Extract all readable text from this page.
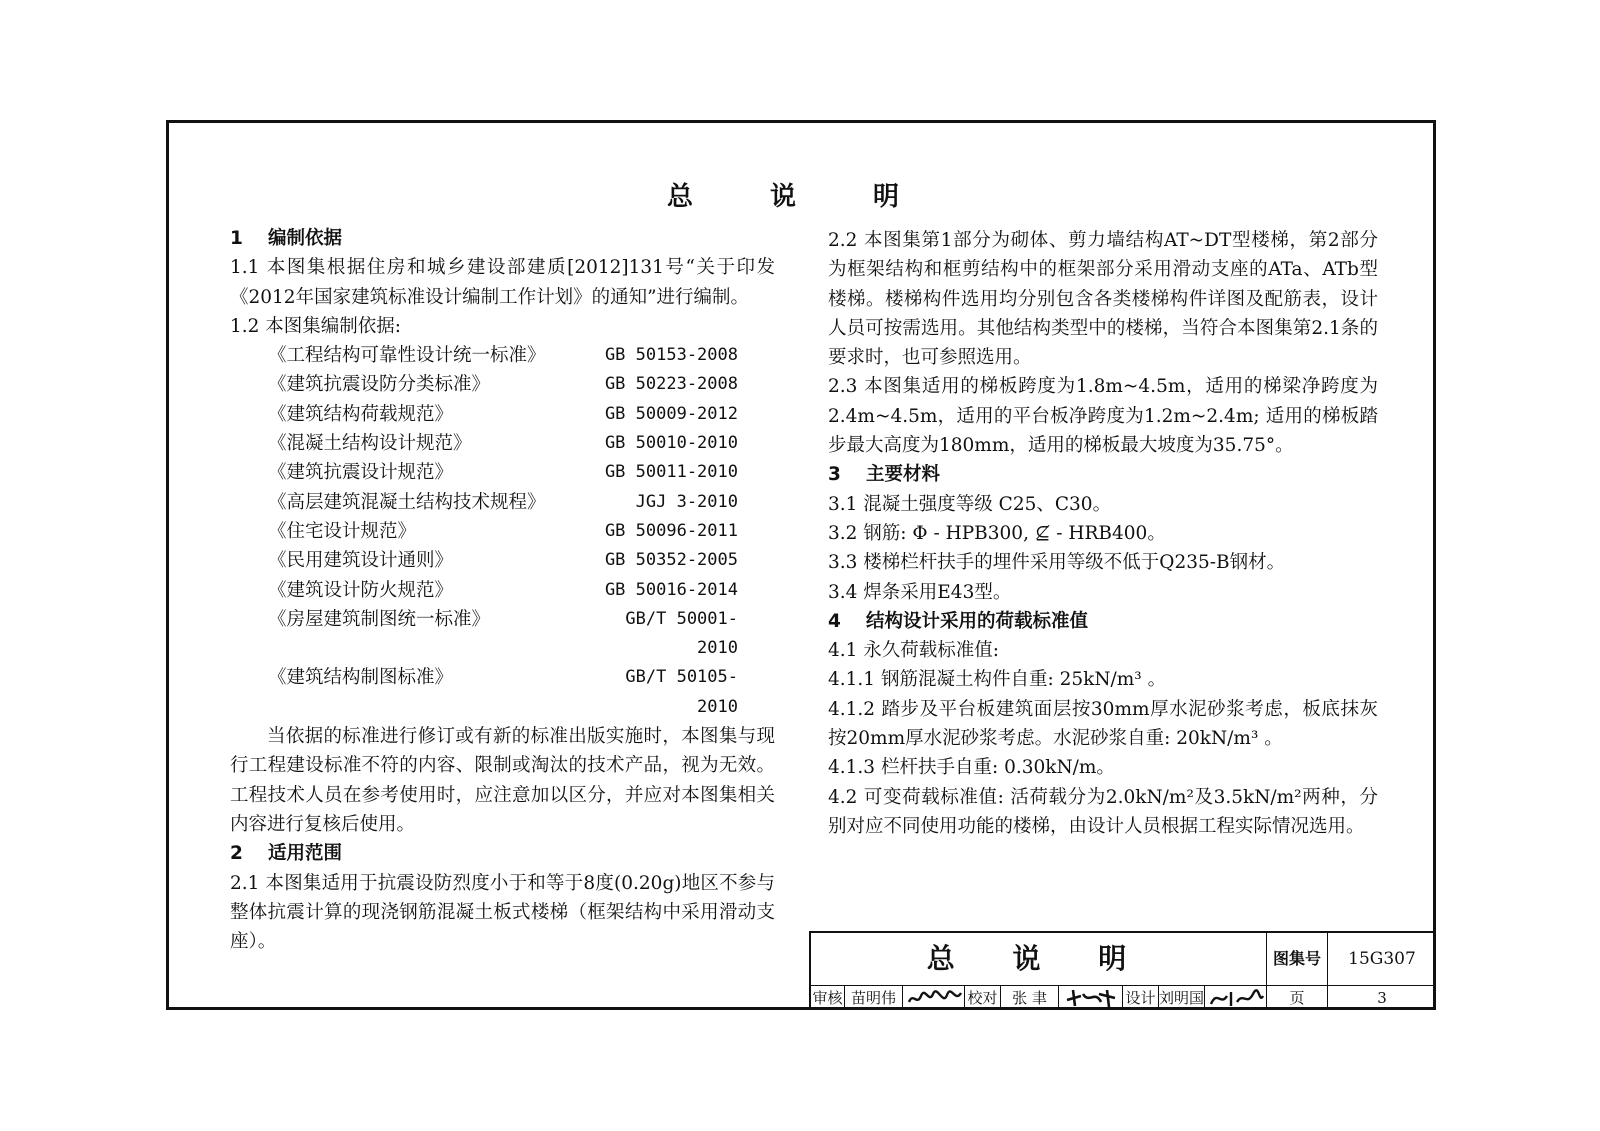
总 说 明

1 编制依据

1.1 本图集根据住房和城乡建设部建质[2012]131号“关于印发《2012年国家建筑标准设计编制工作计划》的通知”进行编制。

1.2 本图集编制依据:

《工程结构可靠性设计统一标准》	GB 50153-2008
《建筑抗震设防分类标准》	GB 50223-2008
《建筑结构荷载规范》	GB 50009-2012
《混凝土结构设计规范》	GB 50010-2010
《建筑抗震设计规范》	GB 50011-2010
《高层建筑混凝土结构技术规程》	JGJ 3-2010
《住宅设计规范》	GB 50096-2011
《民用建筑设计通则》	GB 50352-2005
《建筑设计防火规范》	GB 50016-2014
《房屋建筑制图统一标准》	GB/T 50001-2010
《建筑结构制图标准》	GB/T 50105-2010

当依据的标准进行修订或有新的标准出版实施时，本图集与现行工程建设标准不符的内容、限制或淘汰的技术产品，视为无效。工程技术人员在参考使用时，应注意加以区分，并应对本图集相关内容进行复核后使用。

2 适用范围

2.1 本图集适用于抗震设防烈度小于和等于8度(0.20g)地区不参与整体抗震计算的现浇钢筋混凝土板式楼梯（框架结构中采用滑动支座）。

2.2 本图集第1部分为砌体、剪力墙结构AT~DT型楼梯，第2部分为框架结构和框剪结构中的框架部分采用滑动支座的ATa、ATb型楼梯。楼梯构件选用均分别包含各类楼梯构件详图及配筋表，设计人员可按需选用。其他结构类型中的楼梯，当符合本图集第2.1条的要求时，也可参照选用。

2.3 本图集适用的梯板跨度为1.8m~4.5m，适用的梯梁净跨度为2.4m~4.5m，适用的平台板净跨度为1.2m~2.4m; 适用的梯板踏步最大高度为180mm，适用的梯板最大坡度为35.75°。

3 主要材料

3.1 混凝土强度等级 C25、C30。

3.2 钢筋: Φ - HPB300, ⊈ - HRB400。

3.3 楼梯栏杆扶手的埋件采用等级不低于Q235-B钢材。

3.4 焊条采用E43型。

4 结构设计采用的荷载标准值

4.1 永久荷载标准值:

4.1.1 钢筋混凝土构件自重: 25kN/m³ 。

4.1.2 踏步及平台板建筑面层按30mm厚水泥砂浆考虑，板底抹灰按20mm厚水泥砂浆考虑。水泥砂浆自重: 20kN/m³ 。

4.1.3 栏杆扶手自重: 0.30kN/m。

4.2 可变荷载标准值: 活荷载分为2.0kN/m²及3.5kN/m²两种，分别对应不同使用功能的楼梯，由设计人员根据工程实际情况选用。

总 说 明	图集号	15G307
审核 苗明伟	校对 张 聿	设计 刘明国	页	3
